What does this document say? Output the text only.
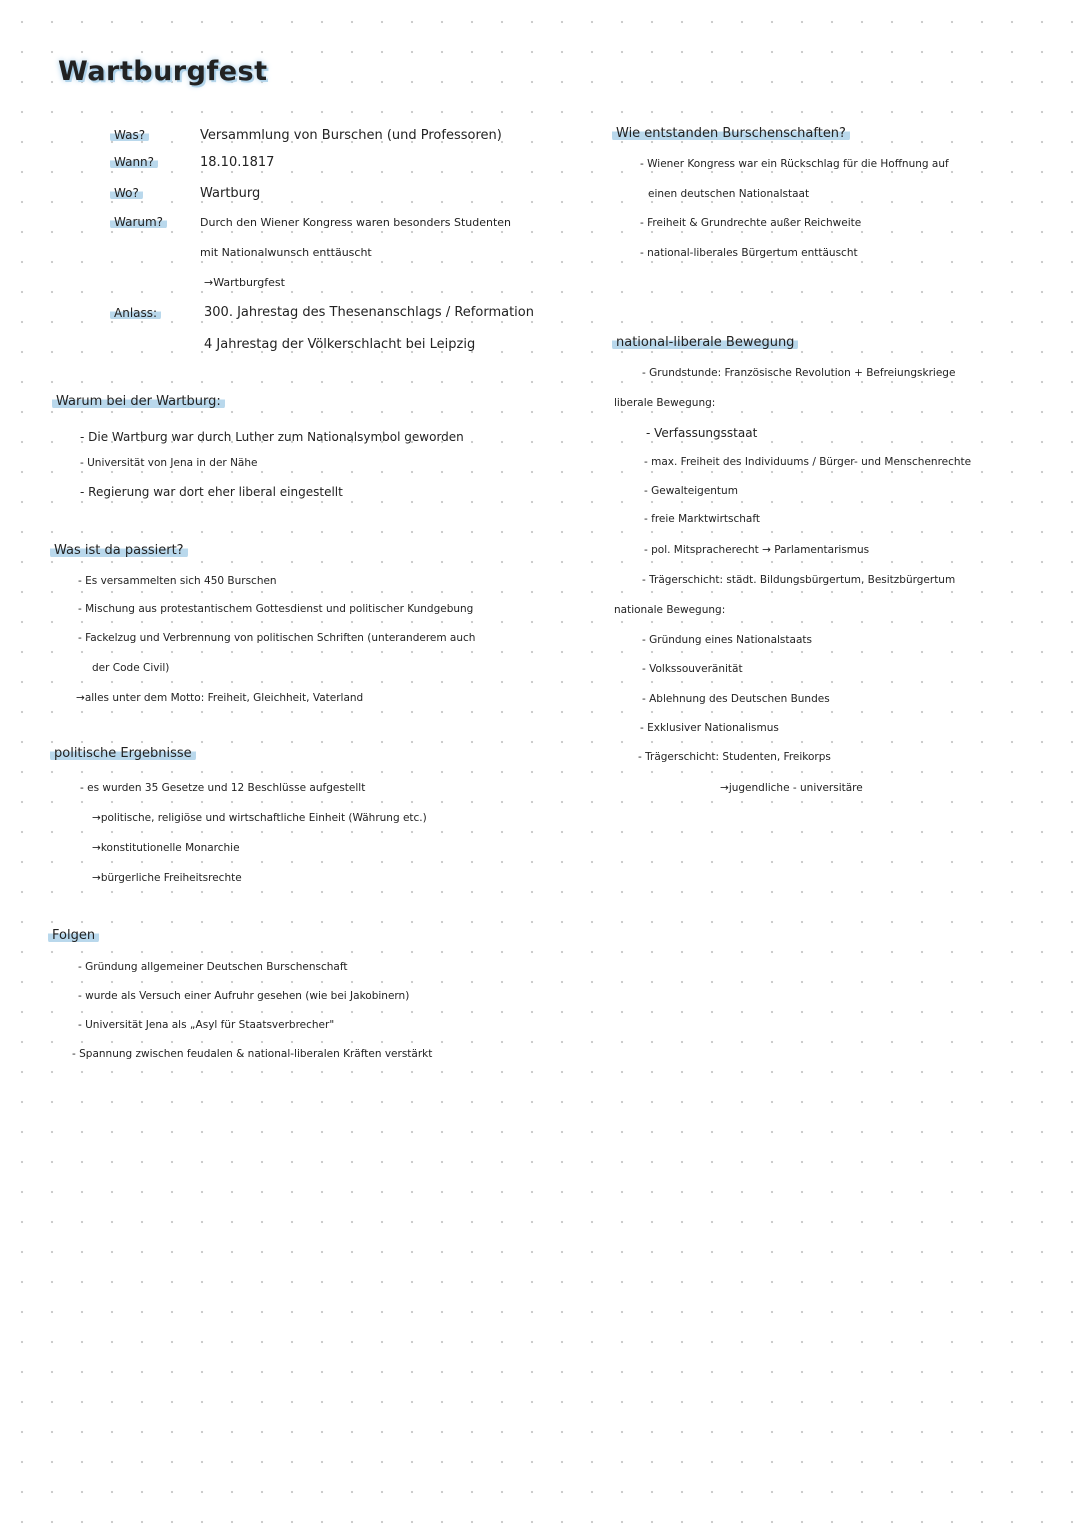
Wartburgfest
Was?	Versammlung von Burschen (und Professoren)
Wann?	18.10.1817
Wo?	Wartburg
Warum?	Durch den Wiener Kongress waren besonders Studenten
mit Nationalwunsch enttäuscht
→ Wartburgfest
Anlass:	300. Jahrestag des Thesenanschlags / Reformation
4 Jahrestag der Völkerschlacht bei Leipzig
Warum bei der Wartburg:
- Die Wartburg war durch Luther zum Nationalsymbol geworden
- Universität von Jena in der Nähe
- Regierung war dort eher liberal eingestellt
Was ist da passiert?
- Es versammelten sich 450 Burschen
- Mischung aus protestantischem Gottesdienst und politischer Kundgebung
- Fackelzug und Verbrennung von politischen Schriften (unteranderem auch
der Code Civil)
→ alles unter dem Motto: Freiheit, Gleichheit, Vaterland
politische Ergebnisse
- es wurden 35 Gesetze und 12 Beschlüsse aufgestellt
→ politische, religiöse und wirtschaftliche Einheit (Währung etc.)
→ konstitutionelle Monarchie
→ bürgerliche Freiheitsrechte
Folgen
- Gründung allgemeiner Deutschen Burschenschaft
- wurde als Versuch einer Aufruhr gesehen (wie bei Jakobinern)
- Universität Jena als „Asyl für Staatsverbrecher"
- Spannung zwischen feudalen & national-liberalen Kräften verstärkt
Wie entstanden Burschenschaften?
- Wiener Kongress war ein Rückschlag für die Hoffnung auf
einen deutschen Nationalstaat
- Freiheit & Grundrechte außer Reichweite
- national-liberales Bürgertum enttäuscht
national-liberale Bewegung
- Grundstunde: Französische Revolution + Befreiungskriege
liberale Bewegung:
- Verfassungsstaat
- max. Freiheit des Individuums / Bürger- und Menschenrechte
- Gewalteigentum
- freie Marktwirtschaft
- pol. Mitspracherecht → Parlamentarismus
- Trägerschicht: städt. Bildungsbürgertum, Besitzbürgertum
nationale Bewegung:
- Gründung eines Nationalstaats
- Volkssouveränität
- Ablehnung des Deutschen Bundes
- Exklusiver Nationalismus
- Trägerschicht: Studenten, Freikorps
→ jugendliche - universitäre
